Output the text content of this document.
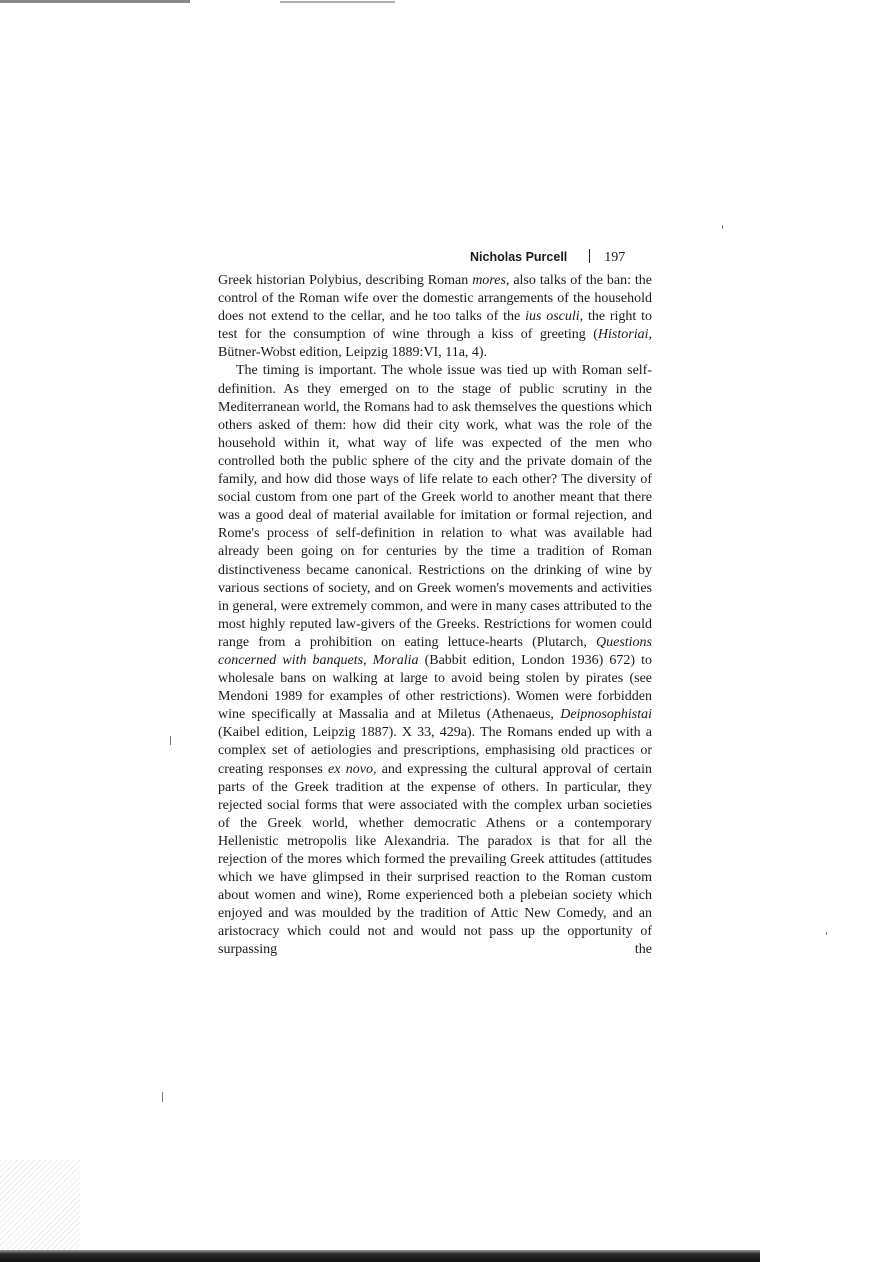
Nicholas Purcell	197

Greek historian Polybius, describing Roman mores, also talks of the ban: the control of the Roman wife over the domestic arrangements of the household does not extend to the cellar, and he too talks of the ius osculi, the right to test for the consumption of wine through a kiss of greeting (Historiai, Bütner-Wobst edition, Leipzig 1889:VI, 11a, 4).

The timing is important. The whole issue was tied up with Roman self-definition. As they emerged on to the stage of public scrutiny in the Mediterranean world, the Romans had to ask themselves the questions which others asked of them: how did their city work, what was the role of the household within it, what way of life was expected of the men who controlled both the public sphere of the city and the private domain of the family, and how did those ways of life relate to each other? The diversity of social custom from one part of the Greek world to another meant that there was a good deal of material available for imitation or formal rejection, and Rome's process of self-definition in relation to what was available had already been going on for centuries by the time a tradition of Roman distinctiveness became canonical. Restrictions on the drinking of wine by various sections of society, and on Greek women's movements and activities in general, were extremely common, and were in many cases attributed to the most highly reputed law-givers of the Greeks. Restrictions for women could range from a prohibition on eating lettuce-hearts (Plutarch, Questions concerned with banquets, Moralia (Babbit edition, London 1936) 672) to wholesale bans on walking at large to avoid being stolen by pirates (see Mendoni 1989 for examples of other restrictions). Women were forbidden wine specifically at Massalia and at Miletus (Athenaeus, Deipnosophistai (Kaibel edition, Leipzig 1887). X 33, 429a). The Romans ended up with a complex set of aetiologies and prescriptions, emphasising old practices or creating responses ex novo, and expressing the cultural approval of certain parts of the Greek tradition at the expense of others. In particular, they rejected social forms that were associated with the complex urban societies of the Greek world, whether democratic Athens or a contemporary Hellenistic metropolis like Alexandria. The paradox is that for all the rejection of the mores which formed the prevailing Greek attitudes (attitudes which we have glimpsed in their surprised reaction to the Roman custom about women and wine), Rome experienced both a plebeian society which enjoyed and was moulded by the tradition of Attic New Comedy, and an aristocracy which could not and would not pass up the opportunity of surpassing the
